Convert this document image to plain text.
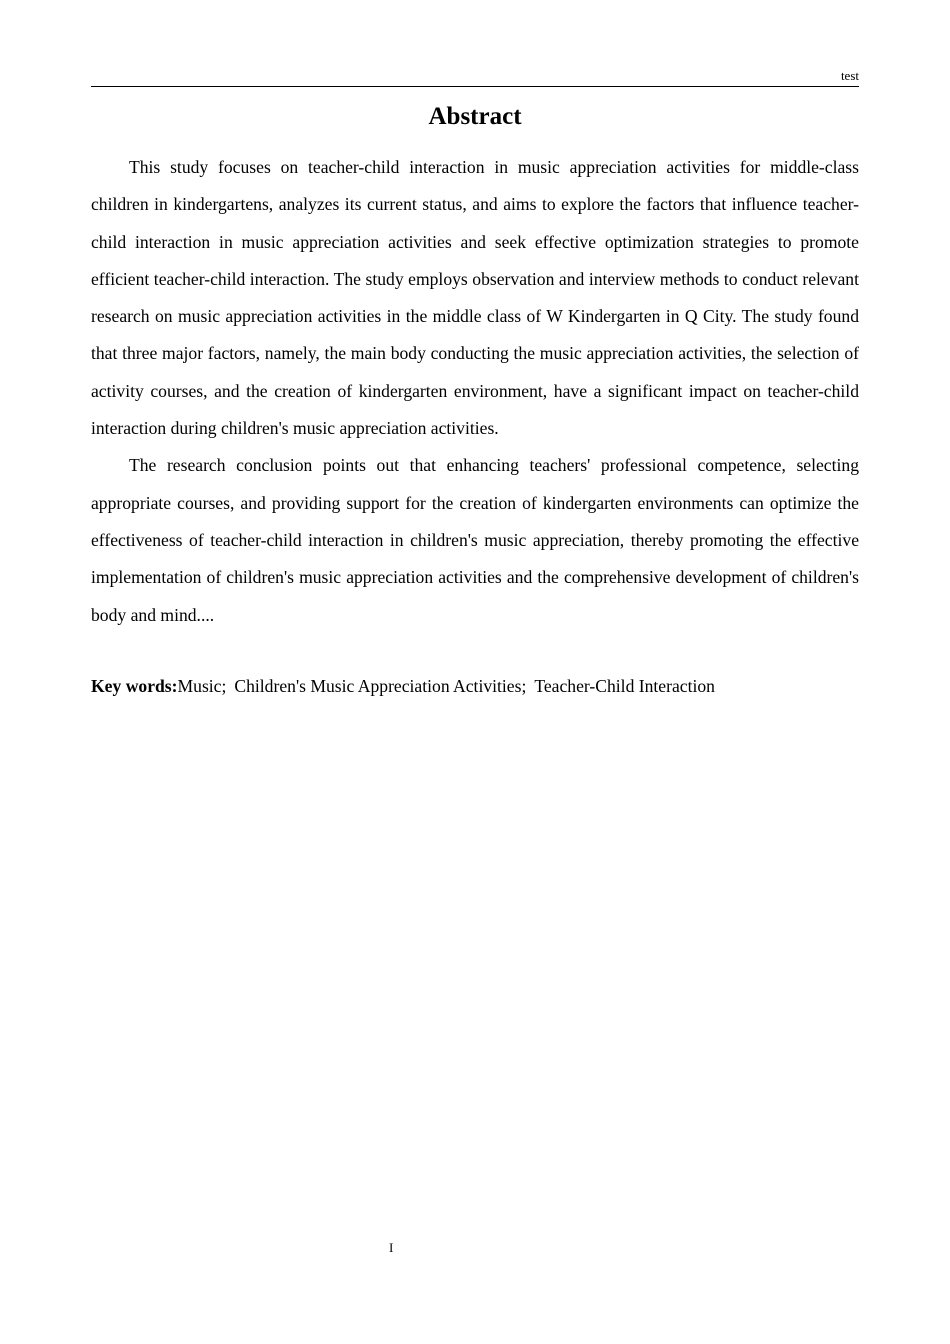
test
Abstract

This study focuses on teacher-child interaction in music appreciation activities for middle-class children in kindergartens, analyzes its current status, and aims to explore the factors that influence teacher-child interaction in music appreciation activities and seek effective optimization strategies to promote efficient teacher-child interaction. The study employs observation and interview methods to conduct relevant research on music appreciation activities in the middle class of W Kindergarten in Q City. The study found that three major factors, namely, the main body conducting the music appreciation activities, the selection of activity courses, and the creation of kindergarten environment, have a significant impact on teacher-child interaction during children's music appreciation activities.

The research conclusion points out that enhancing teachers' professional competence, selecting appropriate courses, and providing support for the creation of kindergarten environments can optimize the effectiveness of teacher-child interaction in children's music appreciation, thereby promoting the effective implementation of children's music appreciation activities and the comprehensive development of children's body and mind....

Key words:Music; Children's Music Appreciation Activities; Teacher-Child Interaction
I
